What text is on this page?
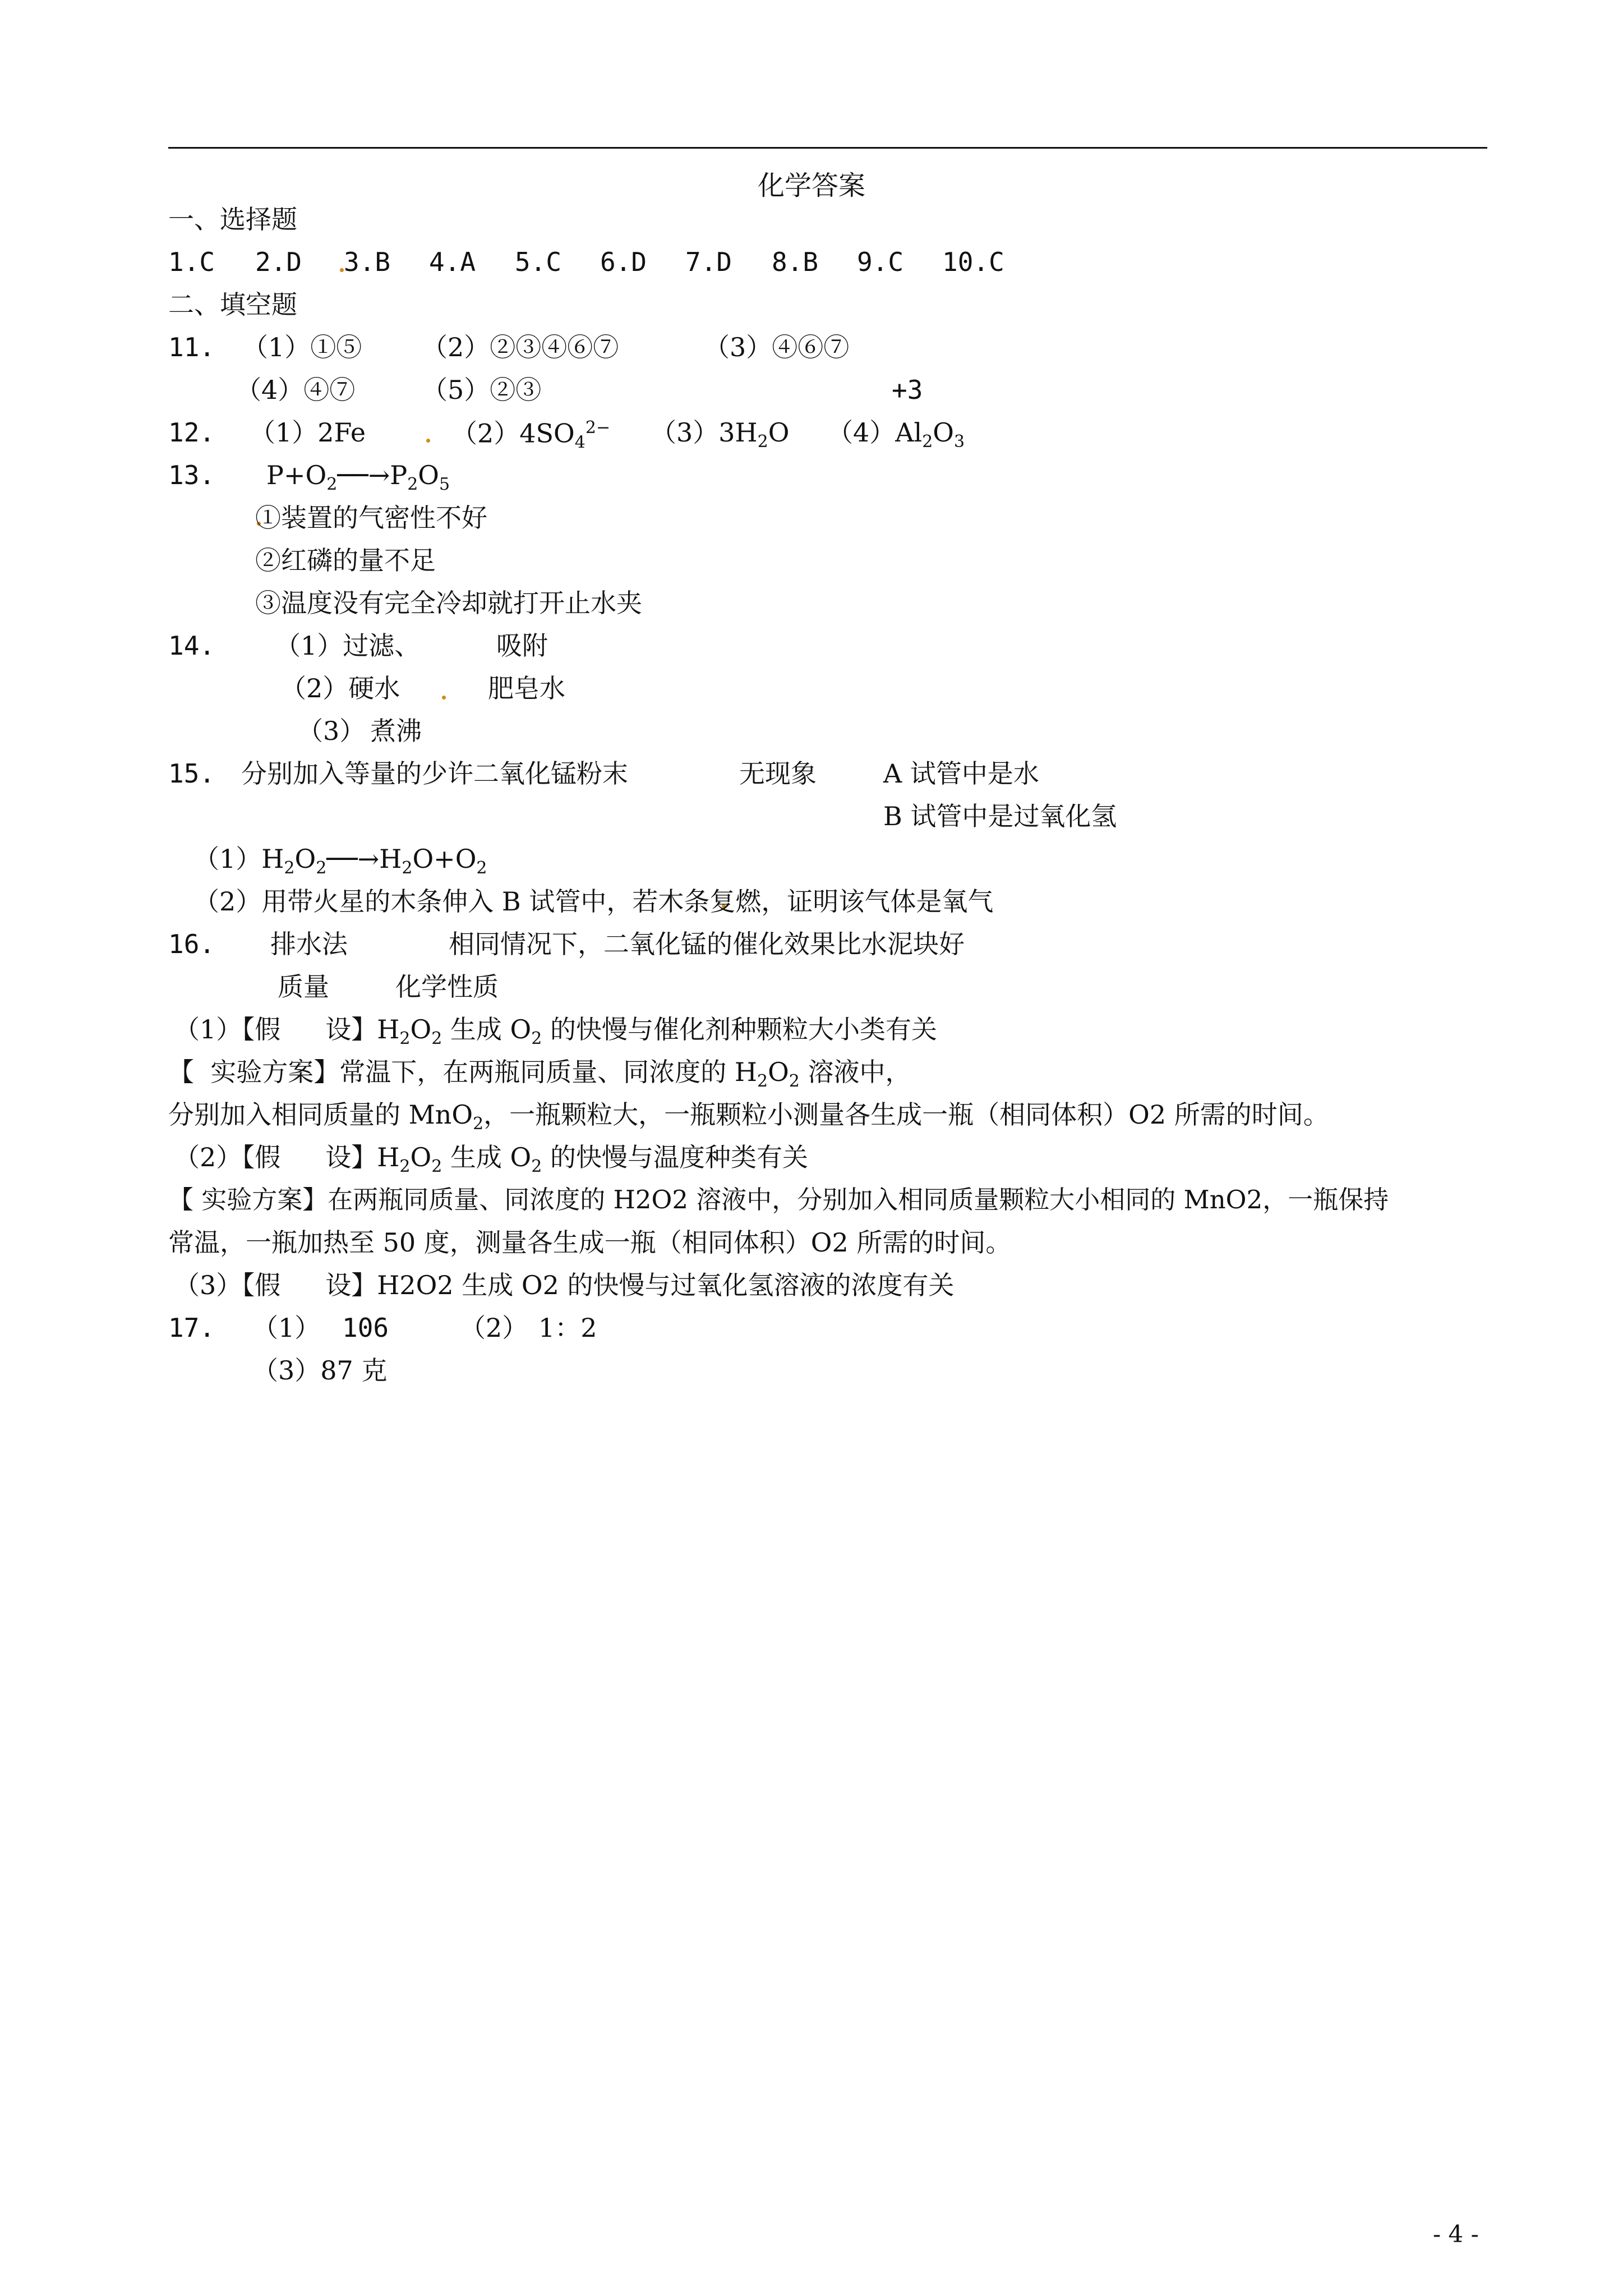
化学答案
一、选择题
1.C 2.D 3.B 4.A 5.C 6.D 7.D 8.B 9.C 10.C
二、填空题
11. （1）①⑤ （2）②③④⑥⑦	（3）④⑥⑦
（4）④⑦	（5）②③	+3
12. （1）2Fe	$(2)4SO_4^{2-}$ $(3)3H_2O$ $(4)Al_2O_3$
13. $P+O_2──\to P_2O_5$
①装置的气密性不好
②红磷的量不足
③温度没有完全冷却就打开止水夹
14. （1）过滤、	吸附
（2）硬水	肥皂水
（3） 煮沸
15. 分别加入等量的少许二氧化锰粉末	无现象	A 试管中是水
B 试管中是过氧化氢
$(1)H_2O_2──\to H_2O+O_2$
（2）用带火星的木条伸入 B 试管中，若木条复燃，证明该气体是氧气
16. 排水法	相同情况下，二氧化锰的催化效果比水泥块好
质量	化学性质
（1）【假 设】$H_2O_2$ 生成 $O_2$ 的快慢与催化剂种颗粒大小类有关
【  实验方案】常温下，在两瓶同质量、同浓度的 $H_2O_2$ 溶液中，
分别加入相同质量的 MnO$_2$，一瓶颗粒大，一瓶颗粒小测量各生成一瓶（相同体积）O2 所需的时间。
（2）【假 设】$H_2O_2$ 生成 $O_2$ 的快慢与温度种类有关
【 实验方案】在两瓶同质量、同浓度的 H2O2 溶液中，分别加入相同质量颗粒大小相同的 MnO2，一瓶保持
常温，一瓶加热至 50 度，测量各生成一瓶（相同体积）O2 所需的时间。
（3）【假 设】H2O2 生成 O2 的快慢与过氧化氢溶液的浓度有关
17. （1） 106	（2） 1：2
（3）87 克
- 4 -
